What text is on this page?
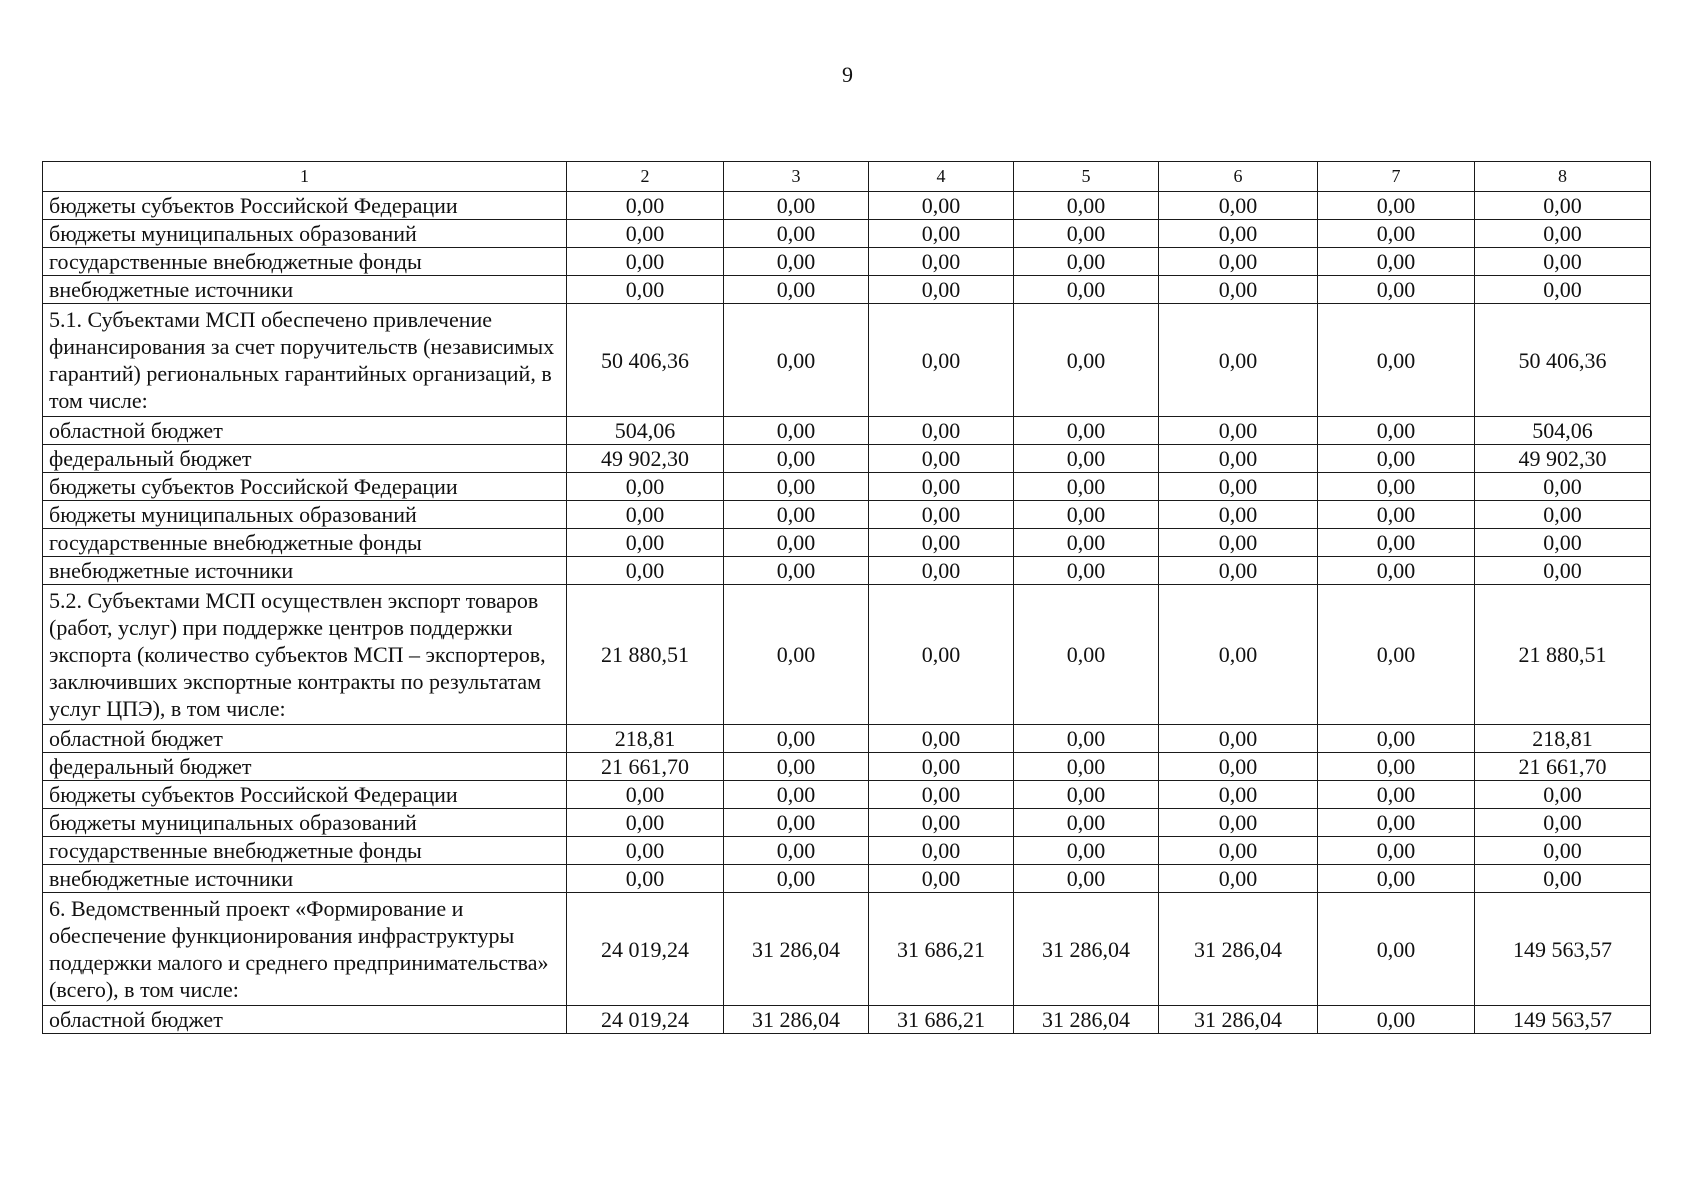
9
1	2	3	4	5	6	7	8
бюджеты субъектов Российской Федерации	0,00	0,00	0,00	0,00	0,00	0,00	0,00
бюджеты муниципальных образований	0,00	0,00	0,00	0,00	0,00	0,00	0,00
государственные внебюджетные фонды	0,00	0,00	0,00	0,00	0,00	0,00	0,00
внебюджетные источники	0,00	0,00	0,00	0,00	0,00	0,00	0,00
5.1. Субъектами МСП обеспечено привлечение финансирования за счет поручительств (независимых гарантий) региональных гарантийных организаций, в том числе:	50 406,36	0,00	0,00	0,00	0,00	0,00	50 406,36
областной бюджет	504,06	0,00	0,00	0,00	0,00	0,00	504,06
федеральный бюджет	49 902,30	0,00	0,00	0,00	0,00	0,00	49 902,30
бюджеты субъектов Российской Федерации	0,00	0,00	0,00	0,00	0,00	0,00	0,00
бюджеты муниципальных образований	0,00	0,00	0,00	0,00	0,00	0,00	0,00
государственные внебюджетные фонды	0,00	0,00	0,00	0,00	0,00	0,00	0,00
внебюджетные источники	0,00	0,00	0,00	0,00	0,00	0,00	0,00
5.2. Субъектами МСП осуществлен экспорт товаров (работ, услуг) при поддержке центров поддержки экспорта (количество субъектов МСП – экспортеров, заключивших экспортные контракты по результатам услуг ЦПЭ), в том числе:	21 880,51	0,00	0,00	0,00	0,00	0,00	21 880,51
областной бюджет	218,81	0,00	0,00	0,00	0,00	0,00	218,81
федеральный бюджет	21 661,70	0,00	0,00	0,00	0,00	0,00	21 661,70
бюджеты субъектов Российской Федерации	0,00	0,00	0,00	0,00	0,00	0,00	0,00
бюджеты муниципальных образований	0,00	0,00	0,00	0,00	0,00	0,00	0,00
государственные внебюджетные фонды	0,00	0,00	0,00	0,00	0,00	0,00	0,00
внебюджетные источники	0,00	0,00	0,00	0,00	0,00	0,00	0,00
6. Ведомственный проект «Формирование и обеспечение функционирования инфраструктуры поддержки малого и среднего предпринимательства» (всего), в том числе:	24 019,24	31 286,04	31 686,21	31 286,04	31 286,04	0,00	149 563,57
областной бюджет	24 019,24	31 286,04	31 686,21	31 286,04	31 286,04	0,00	149 563,57
